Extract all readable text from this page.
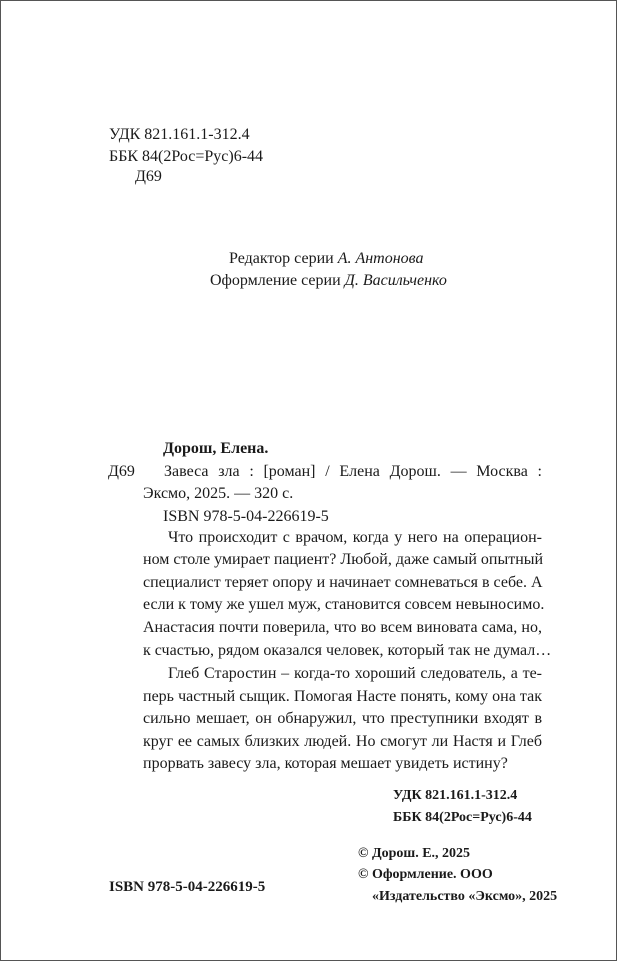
УДК 821.161.1-312.4
ББК 84(2Рос=Рус)6-44
Д69
Редактор серии А. Антонова
Оформление серии Д. Васильченко
Дорош, Елена.
Д69 Завеса зла : [роман] / Елена Дорош. — Москва :
Эксмо, 2025. — 320 с.
ISBN 978-5-04-226619-5
Что происходит с врачом, когда у него на операцион-
ном столе умирает пациент? Любой, даже самый опытный
специалист теряет опору и начинает сомневаться в себе. А
если к тому же ушел муж, становится совсем невыносимо.
Анастасия почти поверила, что во всем виновата сама, но,
к счастью, рядом оказался человек, который так не думал…
Глеб Старостин – когда-то хороший следователь, а те-
перь частный сыщик. Помогая Насте понять, кому она так
сильно мешает, он обнаружил, что преступники входят в
круг ее самых близких людей. Но смогут ли Настя и Глеб
прорвать завесу зла, которая мешает увидеть истину?
УДК 821.161.1-312.4
ББК 84(2Рос=Рус)6-44
© Дорош. Е., 2025
© Оформление. ООО
«Издательство «Эксмо», 2025
ISBN 978-5-04-226619-5
